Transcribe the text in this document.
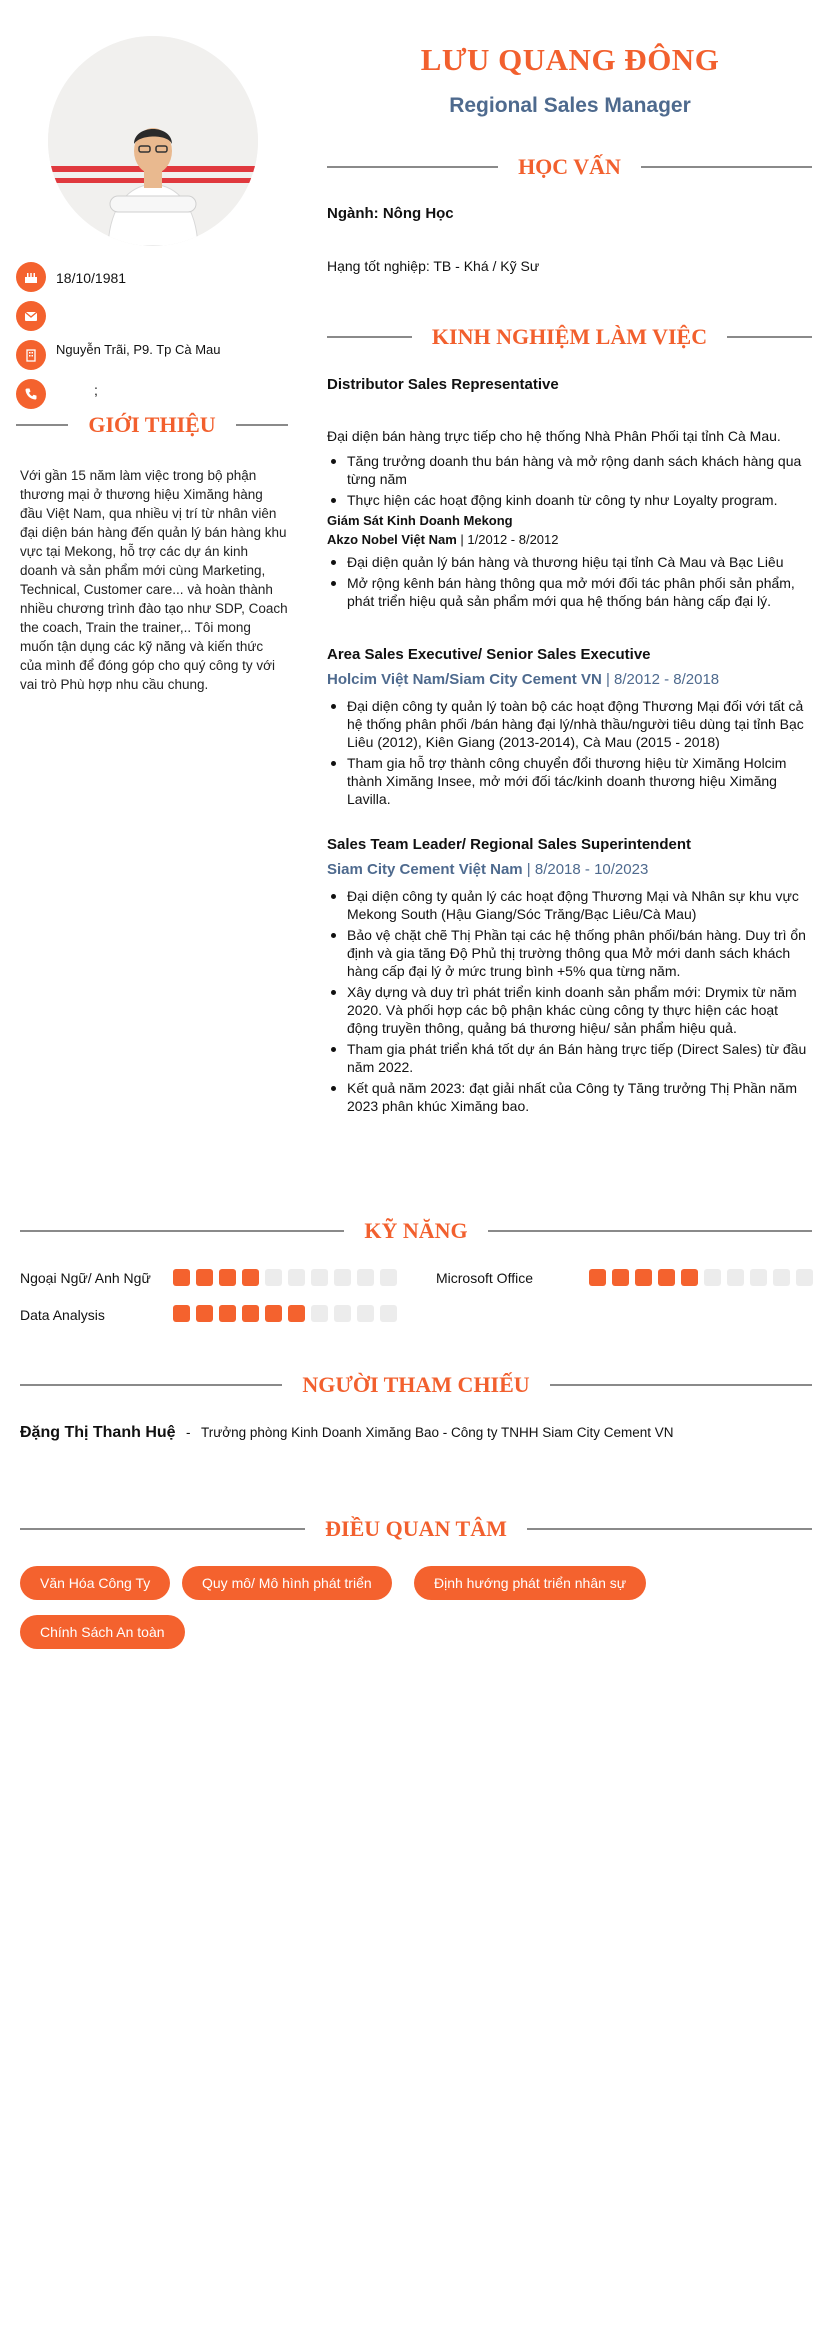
LƯU QUANG ĐÔNG
Regional Sales Manager
18/10/1981
Nguyễn Trãi, P9. Tp Cà Mau
;
GIỚI THIỆU
Với gần 15 năm làm việc trong bộ phận thương mại ở thương hiệu Ximăng hàng đầu Việt Nam, qua nhiều vị trí từ nhân viên đại diện bán hàng đến quản lý bán hàng khu vực tại Mekong, hỗ trợ các dự án kinh doanh và sản phẩm mới cùng Marketing, Technical, Customer care... và hoàn thành nhiều chương trình đào tạo như SDP, Coach the coach, Train the trainer,.. Tôi mong muốn tận dụng các kỹ năng và kiến thức của mình để đóng góp cho quý công ty với vai trò Phù hợp nhu cầu chung.
HỌC VẤN
Ngành: Nông Học
Hạng tốt nghiệp: TB - Khá / Kỹ Sư
KINH NGHIỆM LÀM VIỆC
Distributor Sales Representative
Đại diện bán hàng trực tiếp cho hệ thống Nhà Phân Phối tại tỉnh Cà Mau.
Tăng trưởng doanh thu bán hàng và mở rộng danh sách khách hàng qua từng năm
Thực hiện các hoạt động kinh doanh từ công ty như Loyalty program.
Giám Sát Kinh Doanh Mekong
Akzo Nobel Việt Nam | 1/2012 - 8/2012
Đại diện quản lý bán hàng và thương hiệu tại tỉnh Cà Mau và Bạc Liêu
Mở rộng kênh bán hàng thông qua mở mới đối tác phân phối sản phẩm, phát triển hiệu quả sản phẩm mới qua hệ thống bán hàng cấp đại lý.
Area Sales Executive/ Senior Sales Executive
Holcim Việt Nam/Siam City Cement VN | 8/2012 - 8/2018
Đại diện công ty quản lý toàn bộ các hoạt động Thương Mại đối với tất cả hệ thống phân phối /bán hàng đại lý/nhà thầu/người tiêu dùng tại tỉnh Bạc Liêu (2012), Kiên Giang (2013-2014), Cà Mau (2015 - 2018)
Tham gia hỗ trợ thành công chuyển đổi thương hiệu từ Ximăng Holcim thành Ximăng Insee, mở mới đối tác/kinh doanh thương hiệu Ximăng Lavilla.
Sales Team Leader/ Regional Sales Superintendent
Siam City Cement Việt Nam | 8/2018 - 10/2023
Đại diện công ty quản lý các hoạt động Thương Mại và Nhân sự khu vực Mekong South (Hậu Giang/Sóc Trăng/Bạc Liêu/Cà Mau)
Bảo vệ chặt chẽ Thị Phần tại các hệ thống phân phối/bán hàng. Duy trì ổn định và gia tăng Độ Phủ thị trường thông qua Mở mới danh sách khách hàng cấp đại lý ở mức trung bình +5% qua từng năm.
Xây dựng và duy trì phát triển kinh doanh sản phẩm mới: Drymix từ năm 2020. Và phối hợp các bộ phận khác cùng công ty thực hiện các hoạt động truyền thông, quảng bá thương hiệu/ sản phẩm hiệu quả.
Tham gia phát triển khá tốt dự án Bán hàng trực tiếp (Direct Sales) từ đầu năm 2022.
Kết quả năm 2023: đạt giải nhất của Công ty Tăng trưởng Thị Phần năm 2023 phân khúc Ximăng bao.
KỸ NĂNG
Ngoại Ngữ/ Anh Ngữ	Microsoft Office
Data Analysis
NGƯỜI THAM CHIẾU
Đặng Thị Thanh Huệ - Trưởng phòng Kinh Doanh Ximăng Bao - Công ty TNHH Siam City Cement VN
ĐIỀU QUAN TÂM
Văn Hóa Công Ty	Quy mô/ Mô hình phát triển	Định hướng phát triển nhân sự
Chính Sách An toàn
